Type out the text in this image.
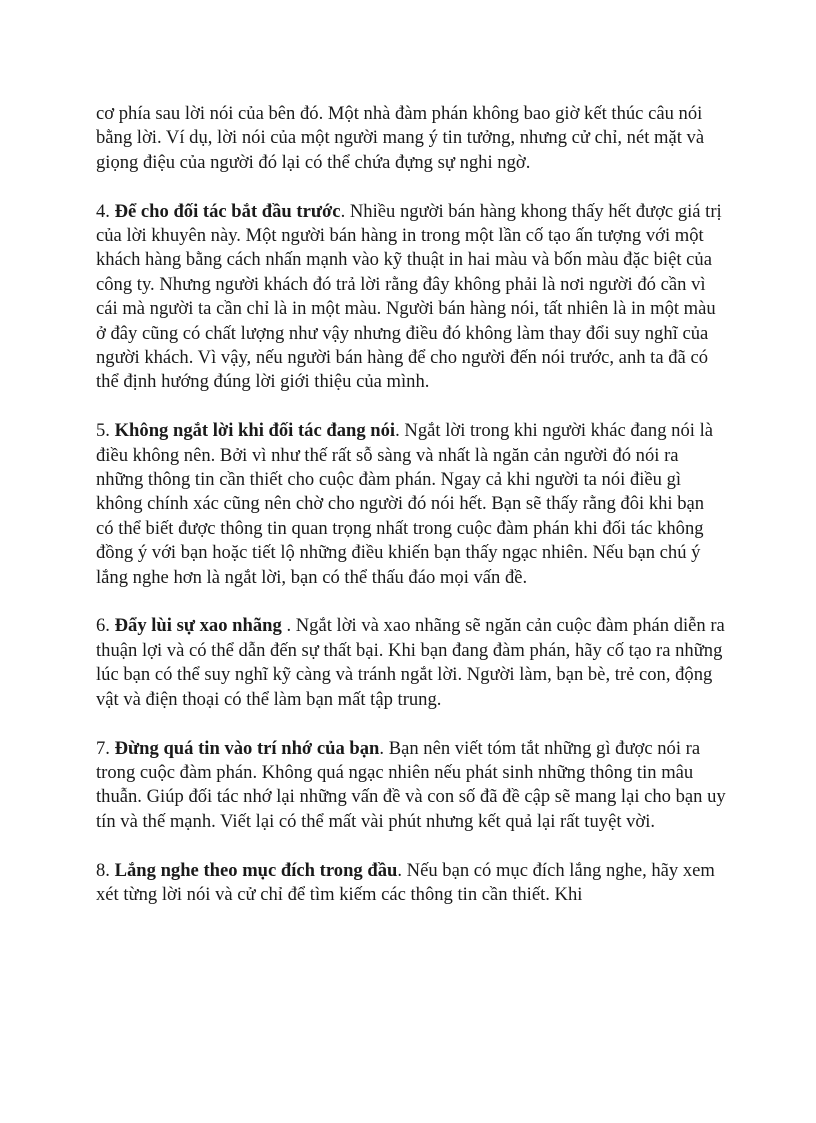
cơ phía sau lời nói của bên đó. Một nhà đàm phán không bao giờ kết thúc câu nói bằng lời. Ví dụ, lời nói của một người mang ý tin tưởng, nhưng cử chỉ, nét mặt và giọng điệu của người đó lại có thể chứa đựng sự nghi ngờ.

4. Để cho đối tác bắt đầu trước. Nhiều người bán hàng khong thấy hết được giá trị của lời khuyên này. Một người bán hàng in trong một lần cố tạo ấn tượng với một khách hàng bằng cách nhấn mạnh vào kỹ thuật in hai màu và bốn màu đặc biệt của công ty. Nhưng người khách đó trả lời rằng đây không phải là nơi người đó cần vì cái mà người ta cần chỉ là in một màu. Người bán hàng nói, tất nhiên là in một màu ở đây cũng có chất lượng như vậy nhưng điều đó không làm thay đổi suy nghĩ của người khách. Vì vậy, nếu người bán hàng để cho người đến nói trước, anh ta đã có thể định hướng đúng lời giới thiệu của mình.

5. Không ngắt lời khi đối tác đang nói. Ngắt lời trong khi người khác đang nói là điều không nên. Bởi vì như thế rất sỗ sàng và nhất là ngăn cản người đó nói ra những thông tin cần thiết cho cuộc đàm phán. Ngay cả khi người ta nói điều gì không chính xác cũng nên chờ cho người đó nói hết. Bạn sẽ thấy rằng đôi khi bạn có thể biết được thông tin quan trọng nhất trong cuộc đàm phán khi đối tác không đồng ý với bạn hoặc tiết lộ những điều khiến bạn thấy ngạc nhiên. Nếu bạn chú ý lắng nghe hơn là ngắt lời, bạn có thể thấu đáo mọi vấn đề.

6. Đẩy lùi sự xao nhãng . Ngắt lời và xao nhãng sẽ ngăn cản cuộc đàm phán diễn ra thuận lợi và có thể dẫn đến sự thất bại. Khi bạn đang đàm phán, hãy cố tạo ra những lúc bạn có thể suy nghĩ kỹ càng và tránh ngắt lời. Người làm, bạn bè, trẻ con, động vật và điện thoại có thể làm bạn mất tập trung.

7. Đừng quá tin vào trí nhớ của bạn. Bạn nên viết tóm tắt những gì được nói ra trong cuộc đàm phán. Không quá ngạc nhiên nếu phát sinh những thông tin mâu thuẫn. Giúp đối tác nhớ lại những vấn đề và con số đã đề cập sẽ mang lại cho bạn uy tín và thế mạnh. Viết lại có thể mất vài phút nhưng kết quả lại rất tuyệt vời.

8. Lắng nghe theo mục đích trong đầu. Nếu bạn có mục đích lắng nghe, hãy xem xét từng lời nói và cử chỉ để tìm kiếm các thông tin cần thiết. Khi
